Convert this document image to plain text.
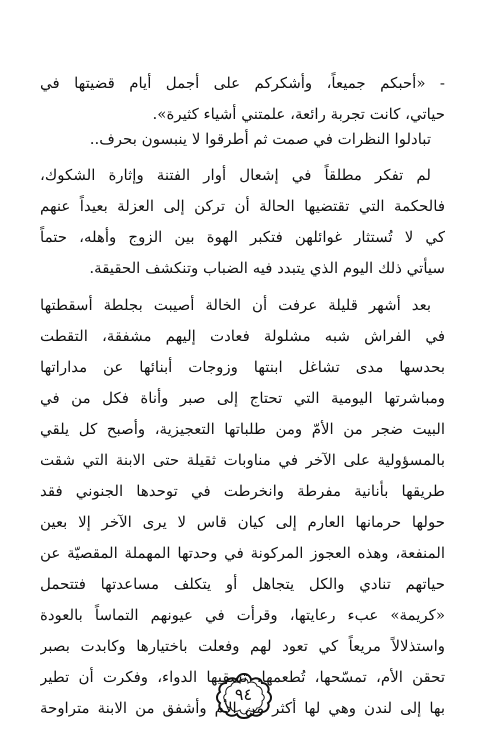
- «أحبكم جميعاً، وأشكركم على أجمل أيام قضيتها في
حياتي، كانت تجربة رائعة، علمتني أشياء كثيرة».
تبادلوا النظرات في صمت ثم أطرقوا لا ينبسون بحرف..
لم تفكر مطلقاً في إشعال أوار الفتنة وإثارة الشكوك،
فالحكمة التي تقتضيها الحالة أن تركن إلى العزلة بعيداً عنهم
كي لا تُستثار غوائلهن فتكبر الهوة بين الزوج وأهله، حتماً
سيأتي ذلك اليوم الذي يتبدد فيه الضباب وتنكشف الحقيقة.
بعد أشهر قليلة عرفت أن الخالة أصيبت بجلطة أسقطتها
في الفراش شبه مشلولة فعادت إليهم مشفقة، التقطت
بحدسها مدى تشاغل ابنتها وزوجات أبنائها عن مداراتها
ومباشرتها اليومية التي تحتاج إلى صبر وأناة فكل من في
البيت ضجر من الأمّ ومن طلباتها التعجيزية، وأصبح كل يلقي
بالمسؤولية على الآخر في مناوبات ثقيلة حتى الابنة التي شقت
طريقها بأنانية مفرطة وانخرطت في توحدها الجنوني فقد
حولها حرمانها العارم إلى كيان قاس لا يرى الآخر إلا بعين
المنفعة، وهذه العجوز المركونة في وحدتها المهملة المقصيّة عن
حياتهم تنادي والكل يتجاهل أو يتكلف مساعدتها فتتحمل
«كريمة» عبء رعايتها، وقرأت في عيونهم التماساً بالعودة
واستذلالاً مريعاً كي تعود لهم وفعلت باختيارها وكابدت بصبر
تحقن الأم، تمسّحها، تُطعمها، تسقيها الدواء، وفكرت أن تطير
بها إلى لندن وهي لها أكثر من الأم وأشفق من الابنة متراوحة
٩٤
